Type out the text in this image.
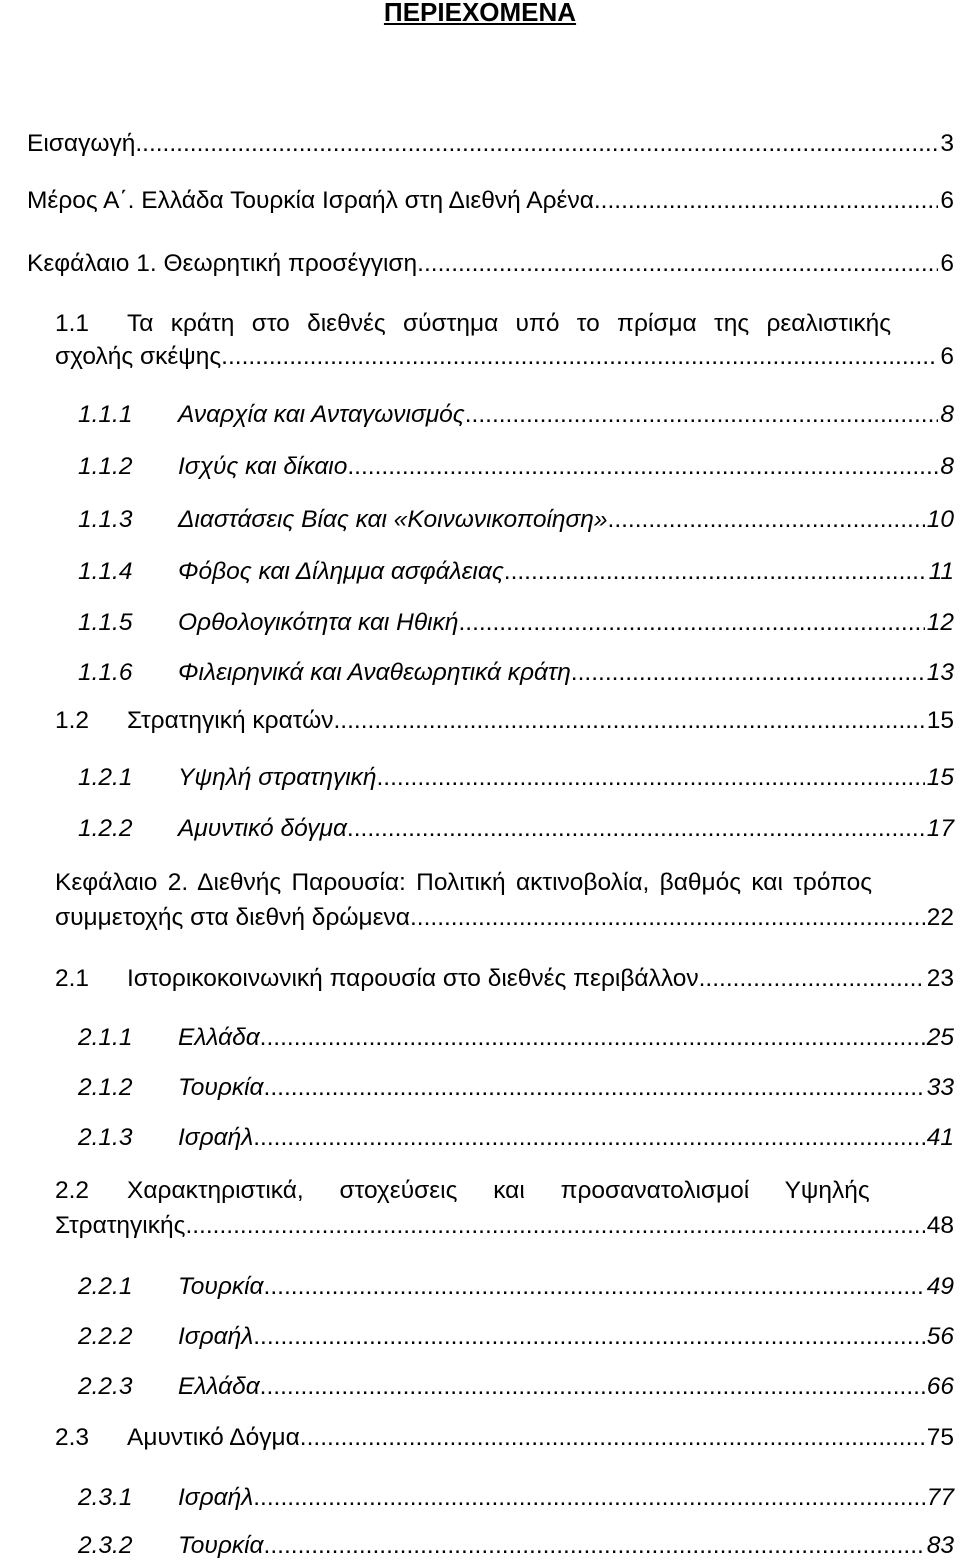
ΠΕΡΙΕΧΟΜΕΝΑ
Εισαγωγή .....	3
Μέρος Α΄. Ελλάδα Τουρκία Ισραήλ στη Διεθνή Αρένα .....	6
Κεφάλαιο 1. Θεωρητική προσέγγιση .....	6
1.1	Τα κράτη στο διεθνές σύστημα υπό το πρίσμα της ρεαλιστικής
σχολής σκέψης .....	6
1.1.1	Αναρχία και Ανταγωνισμός .....	8
1.1.2	Ισχύς και δίκαιο .....	8
1.1.3	Διαστάσεις Βίας και «Κοινωνικοποίηση» .....	10
1.1.4	Φόβος και Δίλημμα ασφάλειας .....	11
1.1.5	Ορθολογικότητα και Ηθική .....	12
1.1.6	Φιλειρηνικά και Αναθεωρητικά κράτη .....	13
1.2	Στρατηγική κρατών .....	15
1.2.1	Υψηλή στρατηγική .....	15
1.2.2	Αμυντικό δόγμα .....	17
Κεφάλαιο 2. Διεθνής Παρουσία: Πολιτική ακτινοβολία, βαθμός και τρόπος
συμμετοχής στα διεθνή δρώμενα .....	22
2.1	Ιστορικοκοινωνική παρουσία στο διεθνές περιβάλλον .....	23
2.1.1	Ελλάδα .....	25
2.1.2	Τουρκία .....	33
2.1.3	Ισραήλ .....	41
2.2	Χαρακτηριστικά, στοχεύσεις και προσανατολισμοί Υψηλής
Στρατηγικής .....	48
2.2.1	Τουρκία .....	49
2.2.2	Ισραήλ .....	56
2.2.3	Ελλάδα .....	66
2.3	Αμυντικό Δόγμα .....	75
2.3.1	Ισραήλ .....	77
2.3.2	Τουρκία .....	83
